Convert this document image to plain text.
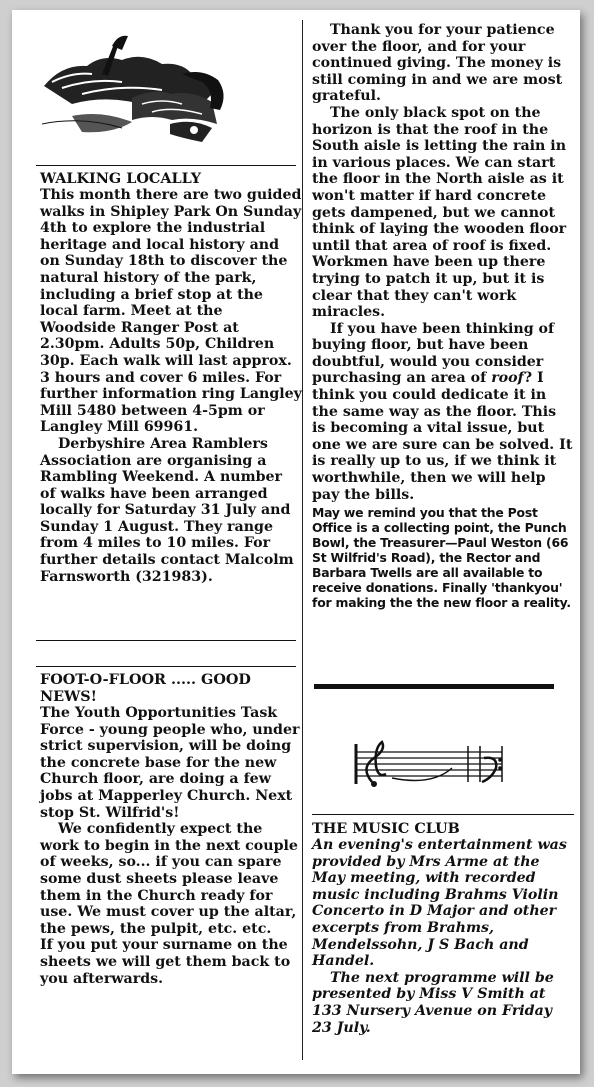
WALKING LOCALLY

This month there are two guided walks in Shipley Park On Sunday 4th to explore the industrial heritage and local history and on Sunday 18th to discover the natural history of the park, including a brief stop at the local farm. Meet at the Woodside Ranger Post at 2.30pm. Adults 50p, Children 30p. Each walk will last approx. 3 hours and cover 6 miles. For further information ring Langley Mill 5480 between 4-5pm or Langley Mill 69961.

Derbyshire Area Ramblers Association are organising a Rambling Weekend. A number of walks have been arranged locally for Saturday 31 July and Sunday 1 August. They range from 4 miles to 10 miles. For further details contact Malcolm Farnsworth (321983).

FOOT-O-FLOOR ..... GOOD NEWS!

The Youth Opportunities Task Force - young people who, under strict supervision, will be doing the concrete base for the new Church floor, are doing a few jobs at Mapperley Church. Next stop St. Wilfrid's!

We confidently expect the work to begin in the next couple of weeks, so... if you can spare some dust sheets please leave them in the Church ready for use. We must cover up the altar, the pews, the pulpit, etc. etc.

If you put your surname on the sheets we will get them back to you afterwards.

Thank you for your patience over the floor, and for your continued giving. The money is still coming in and we are most grateful.

The only black spot on the horizon is that the roof in the South aisle is letting the rain in in various places. We can start the floor in the North aisle as it won't matter if hard concrete gets dampened, but we cannot think of laying the wooden floor until that area of roof is fixed. Workmen have been up there trying to patch it up, but it is clear that they can't work miracles.

If you have been thinking of buying floor, but have been doubtful, would you consider purchasing an area of roof? I think you could dedicate it in the same way as the floor. This is becoming a vital issue, but one we are sure can be solved. It is really up to us, if we think it worthwhile, then we will help pay the bills.

May we remind you that the Post Office is a collecting point, the Punch Bowl, the Treasurer—Paul Weston (66 St Wilfrid's Road), the Rector and Barbara Twells are all available to receive donations. Finally 'thankyou' for making the the new floor a reality.

THE MUSIC CLUB

An evening's entertainment was provided by Mrs Arme at the May meeting, with recorded music including Brahms Violin Concerto in D Major and other excerpts from Brahms, Mendelssohn, J S Bach and Handel.

The next programme will be presented by Miss V Smith at 133 Nursery Avenue on Friday 23 July.
